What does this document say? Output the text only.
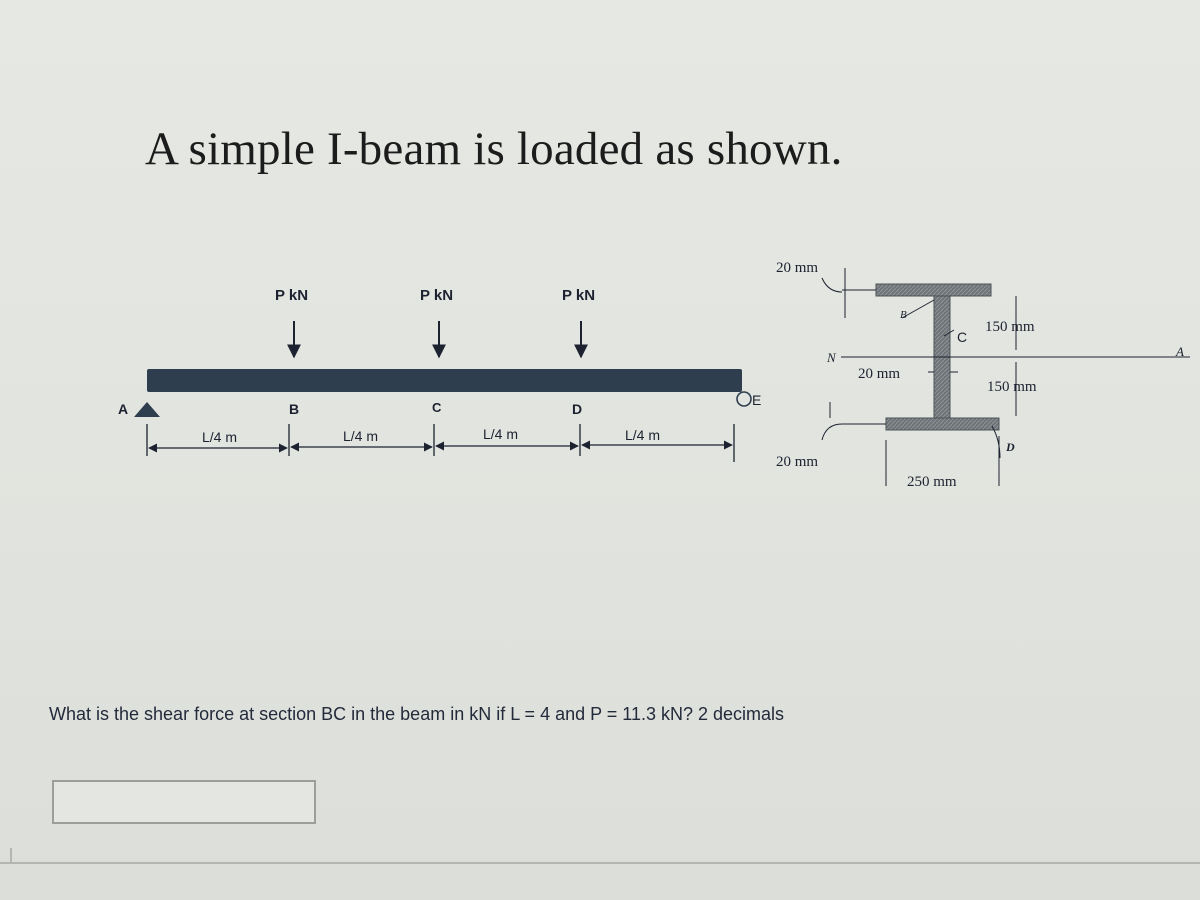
A simple I-beam is loaded as shown.
A	B	C	D
E
P kN	P kN	P kN
L/4 m	L/4 m	L/4 m	L/4 m
20 mm
B
C
150 mm
N	A
20 mm
150 mm
20 mm
D
250 mm
What is the shear force at section BC in the beam in kN if L = 4 and P = 11.3 kN? 2 decimals
